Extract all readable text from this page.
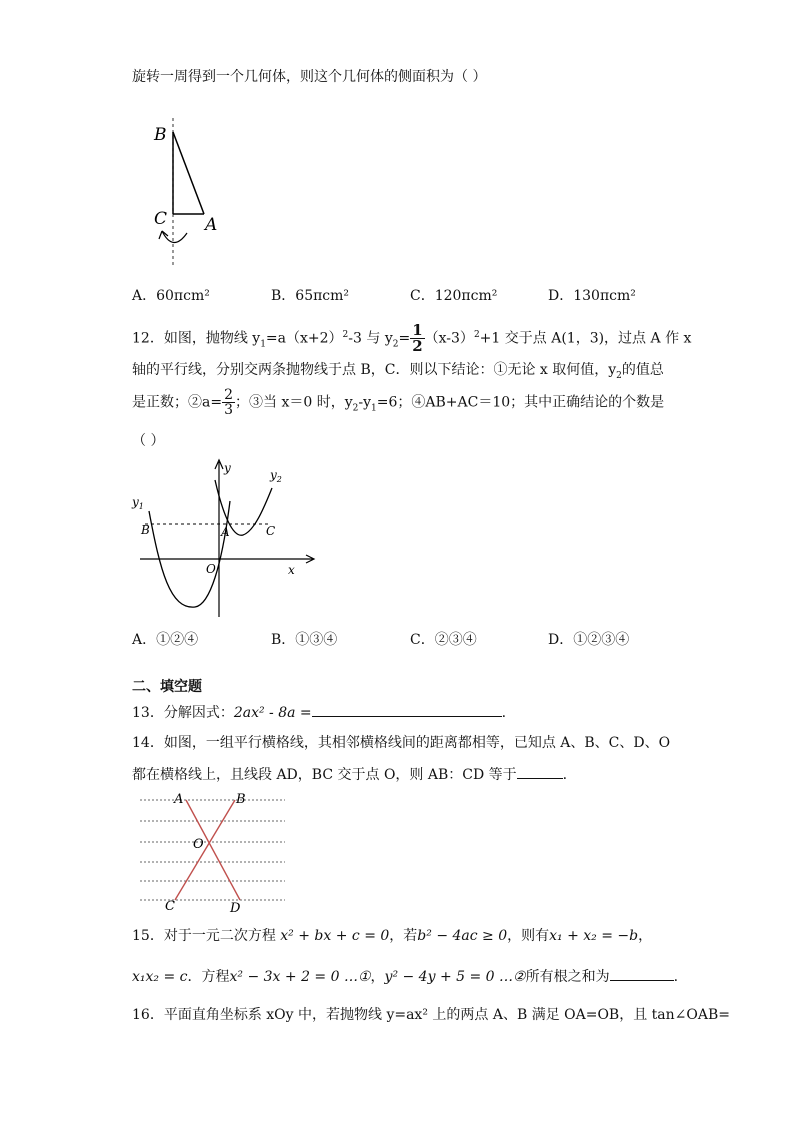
旋转一周得到一个几何体，则这个几何体的侧面积为（ ）
B
C A
A．60πcm²	B．65πcm²	C．120πcm²	D．130πcm²
12．如图，抛物线 $y_1=a(x+2)^2-3$ 与 $y_2= \frac{1}{2} (x-3)^2+1$ 交于点 A(1，3)，过点 A 作 x
轴的平行线，分别交两条抛物线于点 B，C．则以下结论：①无论 x 取何值，$y_2$的值总
是正数；②a= $\frac{2}{3}$ ；③当 x＝0 时，$y_2-y_1=6$；④AB+AC＝10；其中正确结论的个数是
（ ）
$y_1$
$y_2$
y
B	A	C
O	x
A．①②④	B．①③④	C．②③④	D．①②③④
二、填空题
13．分解因式：2ax² - 8a =	.
14．如图，一组平行横格线，其相邻横格线间的距离都相等，已知点 A、B、C、D、O
都在横格线上，且线段 AD，BC 交于点 O，则 AB：CD 等于	.
A	B
O
C	D
15．对于一元二次方程 x² + bx + c = 0，若b² − 4ac ≥ 0，则有x₁ + x₂ = −b，
x₁x₂ = c．方程x² − 3x + 2 = 0 …①，y² − 4y + 5 = 0 …②所有根之和为	.
16．平面直角坐标系 xOy 中，若抛物线 y=ax² 上的两点 A、B 满足 OA=OB，且 tan∠OAB=
